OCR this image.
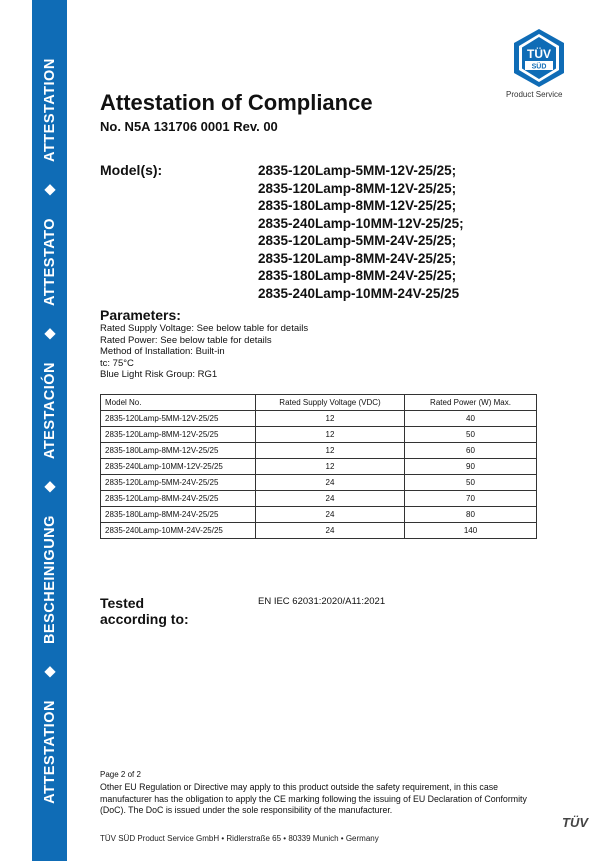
ATTESTATIONBESCHEINIGUNGATESTACIÓNATTESTATOATTESTATION
TÜV
SÜD
Product Service
Attestation of Compliance
No. N5A 131706 0001 Rev. 00
Model(s):	2835-120Lamp-5MM-12V-25/25;
2835-120Lamp-8MM-12V-25/25;
2835-180Lamp-8MM-12V-25/25;
2835-240Lamp-10MM-12V-25/25;
2835-120Lamp-5MM-24V-25/25;
2835-120Lamp-8MM-24V-25/25;
2835-180Lamp-8MM-24V-25/25;
2835-240Lamp-10MM-24V-25/25
Parameters:
Rated Supply Voltage: See below table for details
Rated Power: See below table for details
Method of Installation: Built-in
tc: 75°C
Blue Light Risk Group: RG1
Model No.	Rated Supply Voltage (VDC)	Rated Power (W) Max.
2835-120Lamp-5MM-12V-25/25	12	40
2835-120Lamp-8MM-12V-25/25	12	50
2835-180Lamp-8MM-12V-25/25	12	60
2835-240Lamp-10MM-12V-25/25	12	90
2835-120Lamp-5MM-24V-25/25	24	50
2835-120Lamp-8MM-24V-25/25	24	70
2835-180Lamp-8MM-24V-25/25	24	80
2835-240Lamp-10MM-24V-25/25	24	140
Tested
according to:
EN IEC 62031:2020/A11:2021
Page 2 of 2
Other EU Regulation or Directive may apply to this product outside the safety requirement, in this case manufacturer has the obligation to apply the CE marking following the issuing of EU Declaration of Conformity (DoC). The DoC is issued under the sole responsibility of the manufacturer.
TÜV SÜD Product Service GmbH • Ridlerstraße 65 • 80339 Munich • Germany
TÜV
